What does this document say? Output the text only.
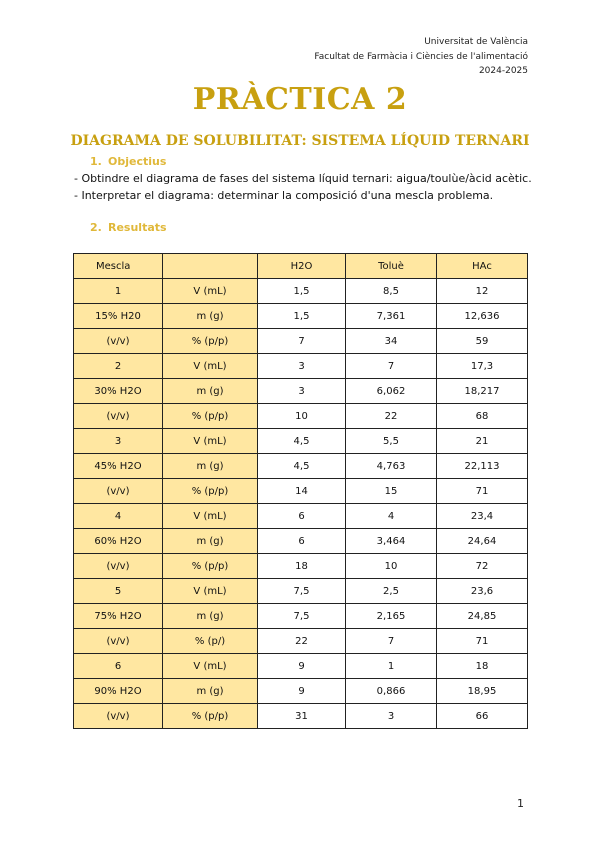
Universitat de València
Facultat de Farmàcia i Ciències de l'alimentació
2024-2025
PRÀCTICA 2
DIAGRAMA DE SOLUBILITAT: SISTEMA LÍQUID TERNARI
1. Objectius
- Obtindre el diagrama de fases del sistema líquid ternari: aigua/toulùe/àcid acètic.
- Interpretar el diagrama: determinar la composició d'una mescla problema.
2. Resultats
Mescla		H2O	Toluè	HAc
1	V (mL)	1,5	8,5	12
15% H20	m (g)	1,5	7,361	12,636
(v/v)	% (p/p)	7	34	59
2	V (mL)	3	7	17,3
30% H2O	m (g)	3	6,062	18,217
(v/v)	% (p/p)	10	22	68
3	V (mL)	4,5	5,5	21
45% H2O	m (g)	4,5	4,763	22,113
(v/v)	% (p/p)	14	15	71
4	V (mL)	6	4	23,4
60% H2O	m (g)	6	3,464	24,64
(v/v)	% (p/p)	18	10	72
5	V (mL)	7,5	2,5	23,6
75% H2O	m (g)	7,5	2,165	24,85
(v/v)	% (p/)	22	7	71
6	V (mL)	9	1	18
90% H2O	m (g)	9	0,866	18,95
(v/v)	% (p/p)	31	3	66
1
